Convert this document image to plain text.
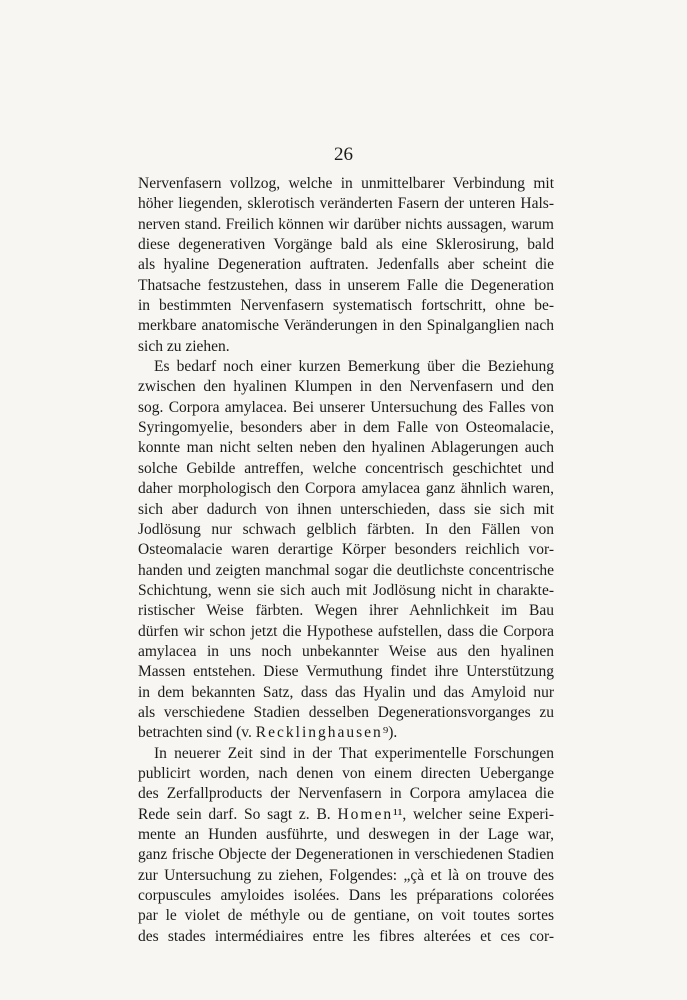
26
Nervenfasern vollzog, welche in unmittelbarer Verbindung mit
höher liegenden, sklerotisch veränderten Fasern der unteren Hals-
nerven stand. Freilich können wir darüber nichts aussagen, warum
diese degenerativen Vorgänge bald als eine Sklerosirung, bald
als hyaline Degeneration auftraten. Jedenfalls aber scheint die
Thatsache festzustehen, dass in unserem Falle die Degeneration
in bestimmten Nervenfasern systematisch fortschritt, ohne be-
merkbare anatomische Veränderungen in den Spinalganglien nach
sich zu ziehen.
Es bedarf noch einer kurzen Bemerkung über die Beziehung
zwischen den hyalinen Klumpen in den Nervenfasern und den
sog. Corpora amylacea. Bei unserer Untersuchung des Falles von
Syringomyelie, besonders aber in dem Falle von Osteomalacie,
konnte man nicht selten neben den hyalinen Ablagerungen auch
solche Gebilde antreffen, welche concentrisch geschichtet und
daher morphologisch den Corpora amylacea ganz ähnlich waren,
sich aber dadurch von ihnen unterschieden, dass sie sich mit
Jodlösung nur schwach gelblich färbten. In den Fällen von
Osteomalacie waren derartige Körper besonders reichlich vor-
handen und zeigten manchmal sogar die deutlichste concentrische
Schichtung, wenn sie sich auch mit Jodlösung nicht in charakte-
ristischer Weise färbten. Wegen ihrer Aehnlichkeit im Bau
dürfen wir schon jetzt die Hypothese aufstellen, dass die Corpora
amylacea in uns noch unbekannter Weise aus den hyalinen
Massen entstehen. Diese Vermuthung findet ihre Unterstützung
in dem bekannten Satz, dass das Hyalin und das Amyloid nur
als verschiedene Stadien desselben Degenerationsvorganges zu
betrachten sind (v. Recklinghausen⁹).
In neuerer Zeit sind in der That experimentelle Forschungen
publicirt worden, nach denen von einem directen Uebergange
des Zerfallproducts der Nervenfasern in Corpora amylacea die
Rede sein darf. So sagt z. B. Homen¹¹, welcher seine Experi-
mente an Hunden ausführte, und deswegen in der Lage war,
ganz frische Objecte der Degenerationen in verschiedenen Stadien
zur Untersuchung zu ziehen, Folgendes: „çà et là on trouve des
corpuscules amyloides isolées. Dans les préparations colorées
par le violet de méthyle ou de gentiane, on voit toutes sortes
des stades intermédiaires entre les fibres alterées et ces cor-
